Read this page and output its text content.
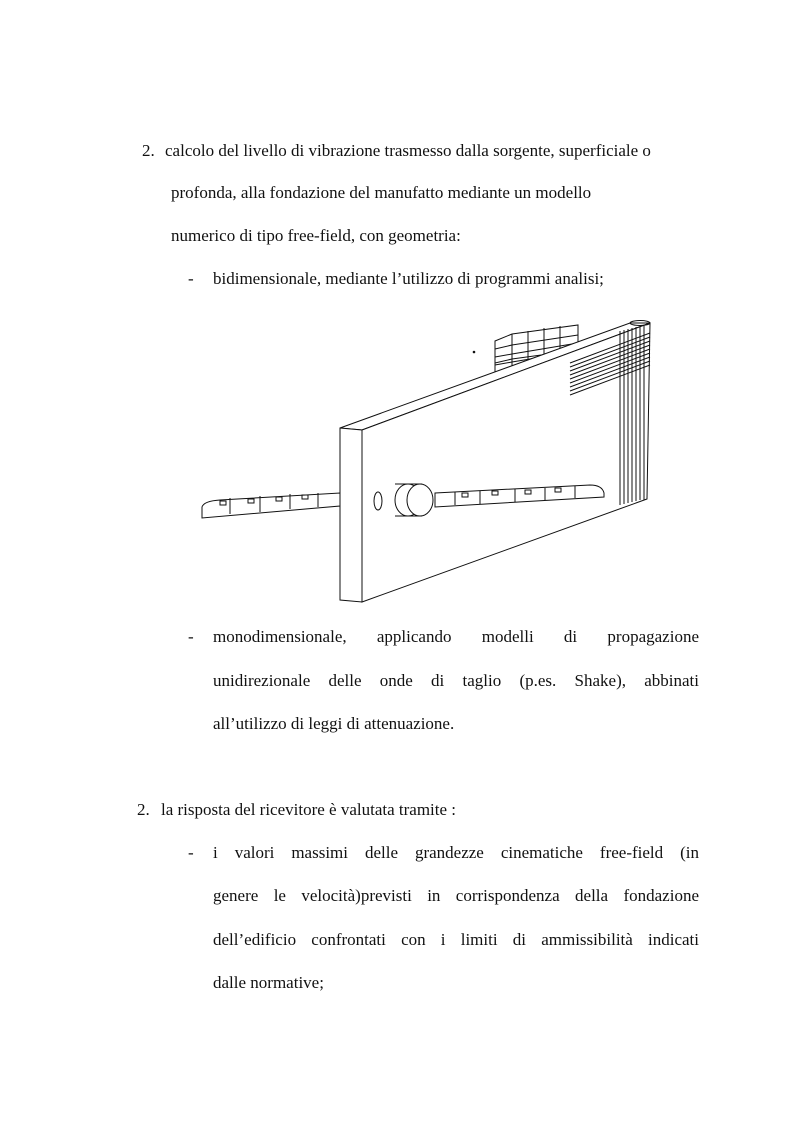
2. calcolo del livello di vibrazione trasmesso dalla sorgente, superficiale o
profonda, alla fondazione del manufatto mediante un modello
numerico di tipo free-field, con geometria:
- bidimensionale, mediante l’utilizzo di programmi analisi;
- monodimensionale, applicando modelli di propagazione
unidirezionale delle onde di taglio (p.es. Shake), abbinati
all’utilizzo di leggi di attenuazione.
2. la risposta del ricevitore è valutata tramite :
- i valori massimi delle grandezze cinematiche free-field (in
genere le velocità)previsti in corrispondenza della fondazione
dell’edificio confrontati con i limiti di ammissibilità indicati
dalle normative;
